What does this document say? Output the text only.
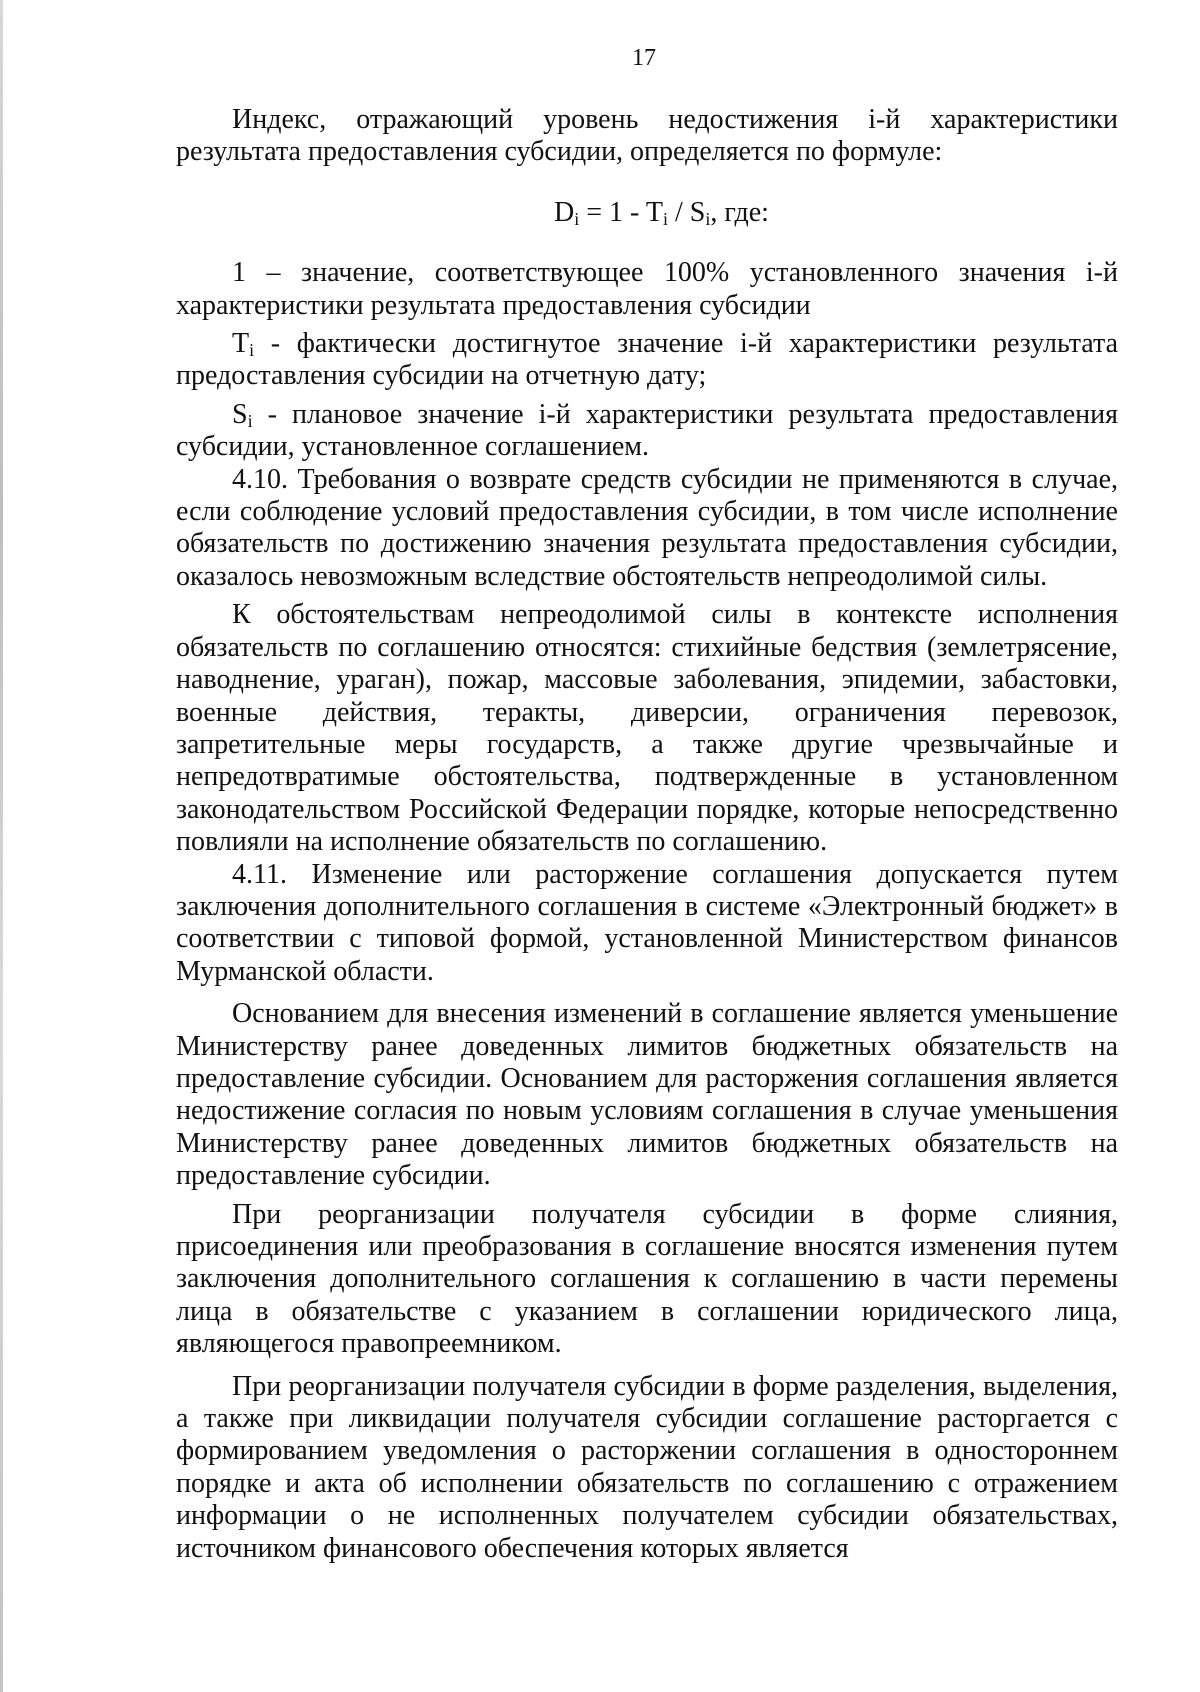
17

Индекс, отражающий уровень недостижения i-й характеристики результата предоставления субсидии, определяется по формуле:

$D_i = 1 - T_i / S_i$, где:

1 – значение, соответствующее 100% установленного значения i-й характеристики результата предоставления субсидии

$T_i$ - фактически достигнутое значение i-й характеристики результата предоставления субсидии на отчетную дату;

$S_i$ - плановое значение i-й характеристики результата предоставления субсидии, установленное соглашением.

4.10. Требования о возврате средств субсидии не применяются в случае, если соблюдение условий предоставления субсидии, в том числе исполнение обязательств по достижению значения результата предоставления субсидии, оказалось невозможным вследствие обстоятельств непреодолимой силы.

К обстоятельствам непреодолимой силы в контексте исполнения обязательств по соглашению относятся: стихийные бедствия (землетрясение, наводнение, ураган), пожар, массовые заболевания, эпидемии, забастовки, военные действия, теракты, диверсии, ограничения перевозок, запретительные меры государств, а также другие чрезвычайные и непредотвратимые обстоятельства, подтвержденные в установленном законодательством Российской Федерации порядке, которые непосредственно повлияли на исполнение обязательств по соглашению.

4.11. Изменение или расторжение соглашения допускается путем заключения дополнительного соглашения в системе «Электронный бюджет» в соответствии с типовой формой, установленной Министерством финансов Мурманской области.

Основанием для внесения изменений в соглашение является уменьшение Министерству ранее доведенных лимитов бюджетных обязательств на предоставление субсидии. Основанием для расторжения соглашения является недостижение согласия по новым условиям соглашения в случае уменьшения Министерству ранее доведенных лимитов бюджетных обязательств на предоставление субсидии.

При реорганизации получателя субсидии в форме слияния, присоединения или преобразования в соглашение вносятся изменения путем заключения дополнительного соглашения к соглашению в части перемены лица в обязательстве с указанием в соглашении юридического лица, являющегося правопреемником.

При реорганизации получателя субсидии в форме разделения, выделения, а также при ликвидации получателя субсидии соглашение расторгается с формированием уведомления о расторжении соглашения в одностороннем порядке и акта об исполнении обязательств по соглашению с отражением информации о не исполненных получателем субсидии обязательствах, источником финансового обеспечения которых является
